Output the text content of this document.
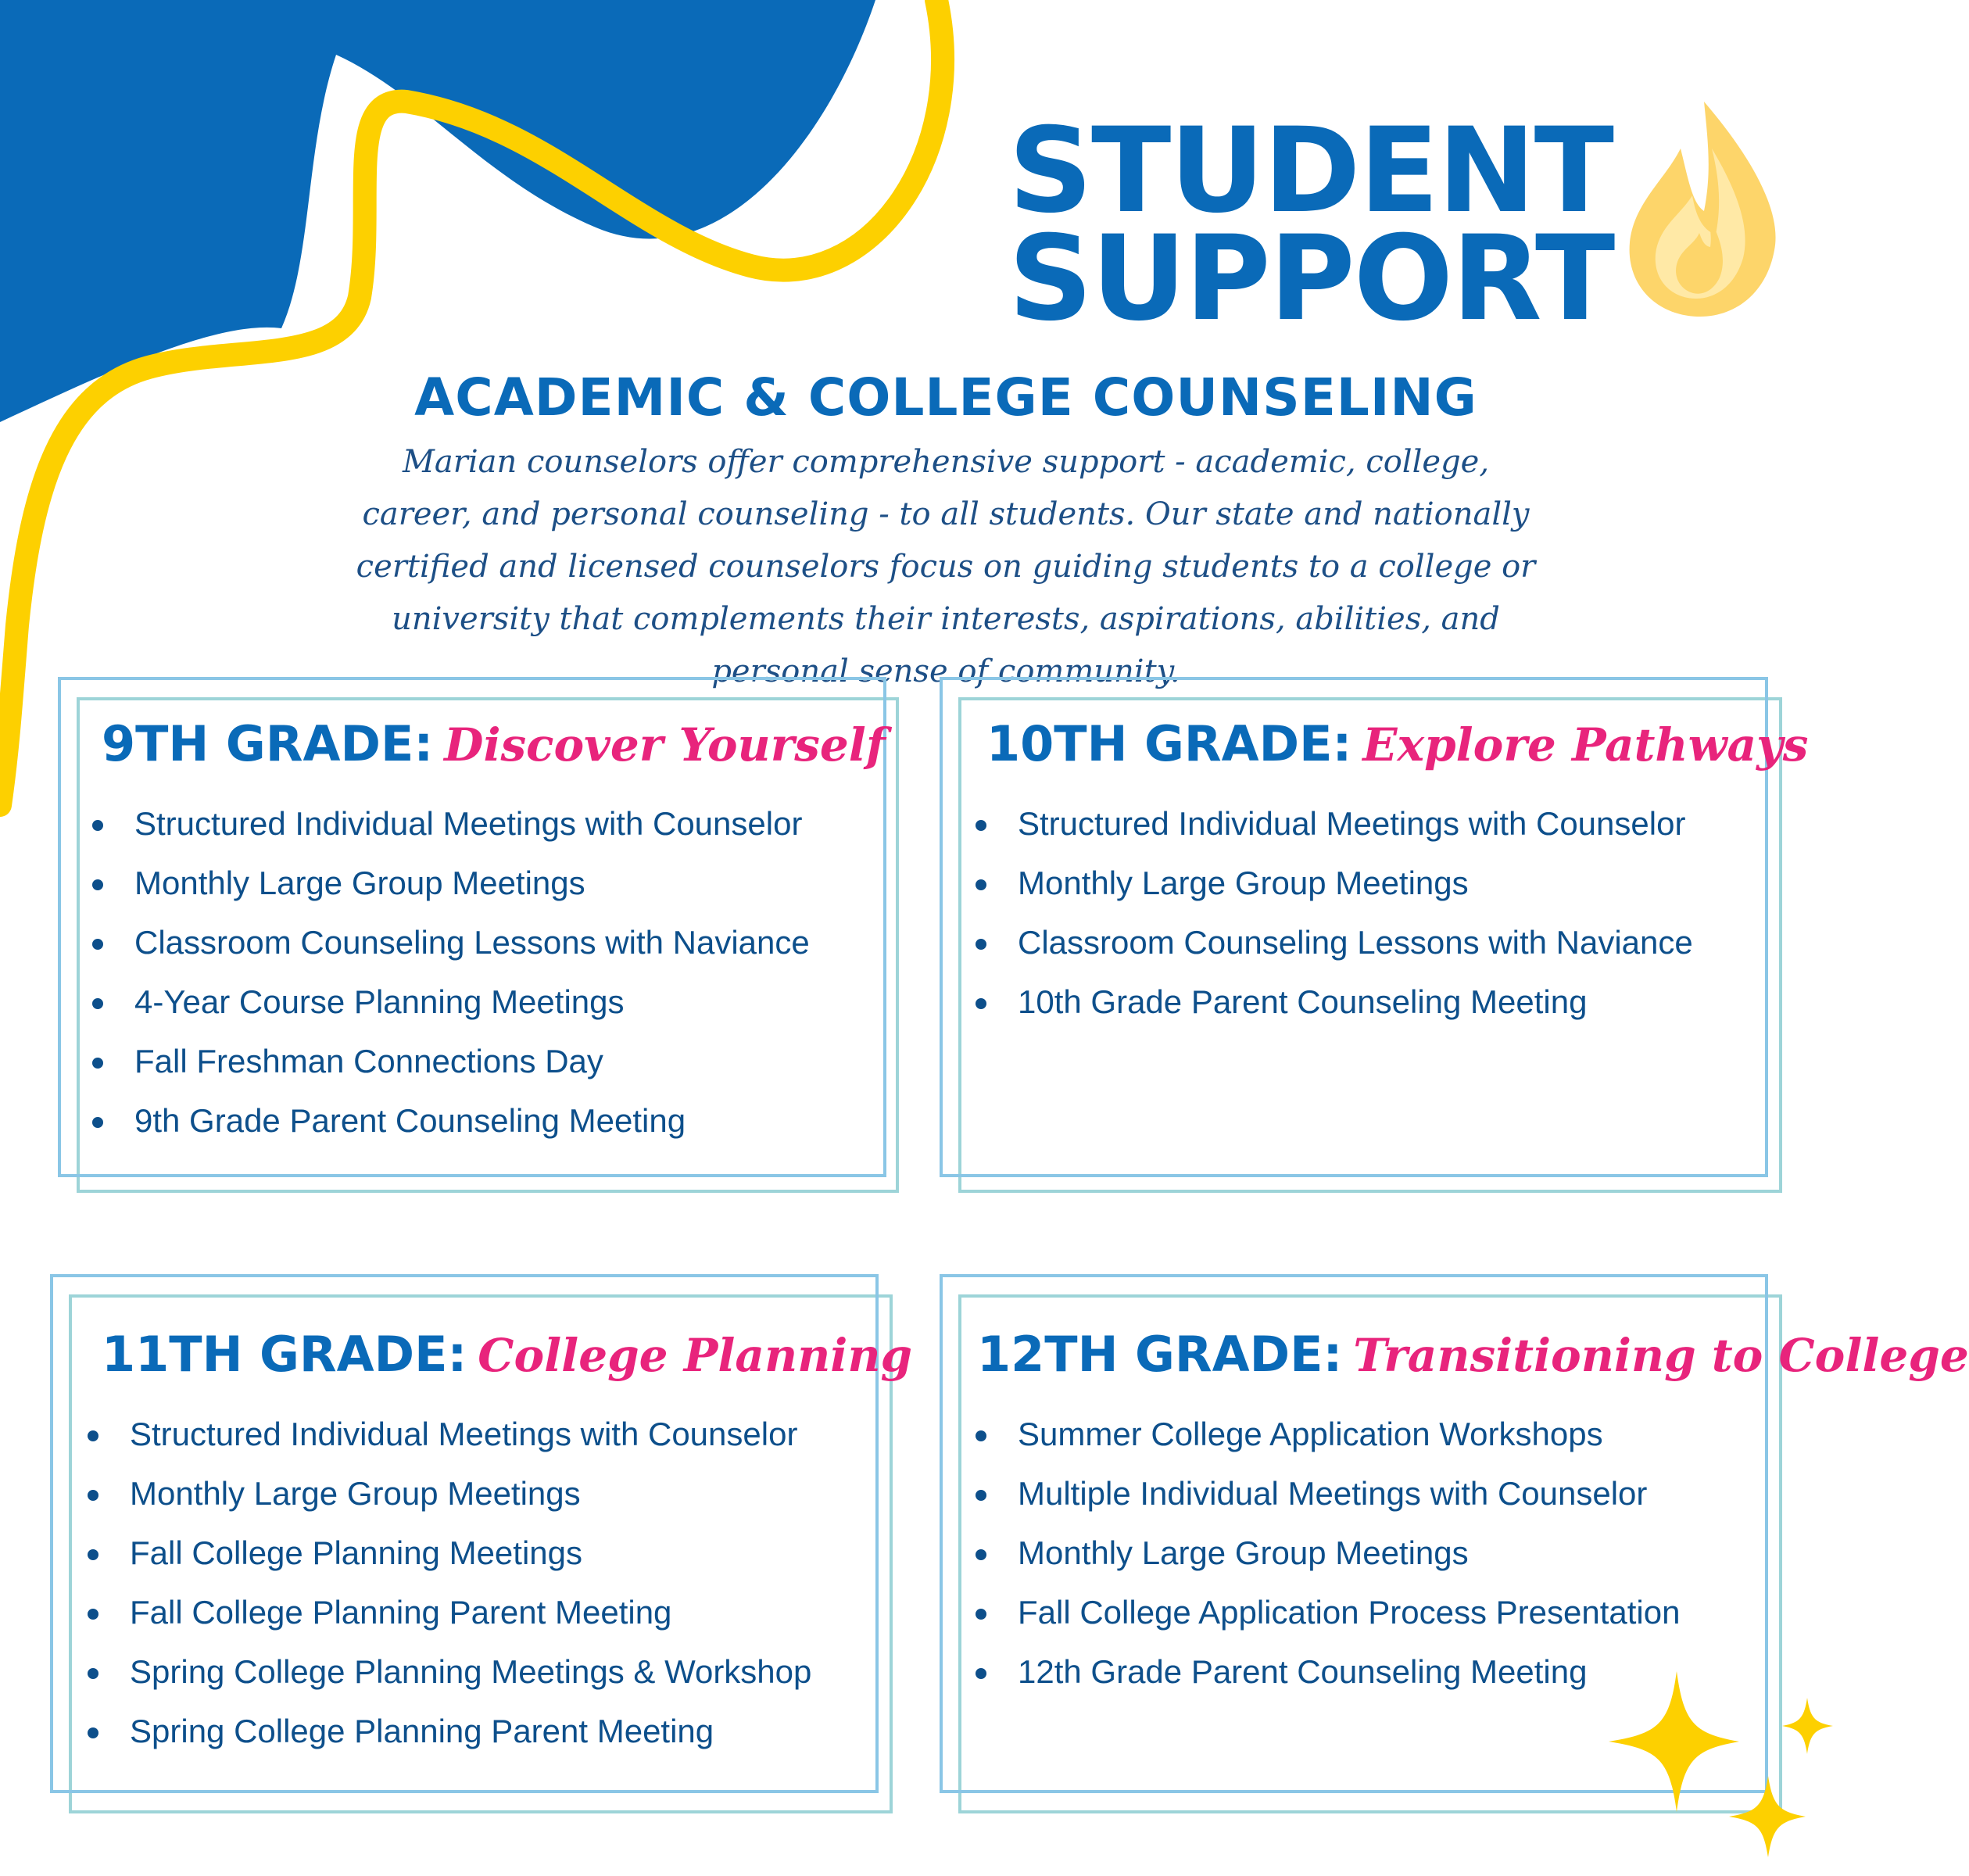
STUDENT
SUPPORT
ACADEMIC & COLLEGE COUNSELING

Marian counselors offer comprehensive support - academic, college, career, and personal counseling - to all students. Our state and nationally certified and licensed counselors focus on guiding students to a college or university that complements their interests, aspirations, abilities, and personal sense of community.

9TH GRADE: Discover Yourself
Structured Individual Meetings with Counselor
Monthly Large Group Meetings
Classroom Counseling Lessons with Naviance
4-Year Course Planning Meetings
Fall Freshman Connections Day
9th Grade Parent Counseling Meeting
10TH GRADE: Explore Pathways
Structured Individual Meetings with Counselor
Monthly Large Group Meetings
Classroom Counseling Lessons with Naviance
10th Grade Parent Counseling Meeting
11TH GRADE: College Planning
Structured Individual Meetings with Counselor
Monthly Large Group Meetings
Fall College Planning Meetings
Fall College Planning Parent Meeting
Spring College Planning Meetings & Workshop
Spring College Planning Parent Meeting
12TH GRADE: Transitioning to College
Summer College Application Workshops
Multiple Individual Meetings with Counselor
Monthly Large Group Meetings
Fall College Application Process Presentation
12th Grade Parent Counseling Meeting
